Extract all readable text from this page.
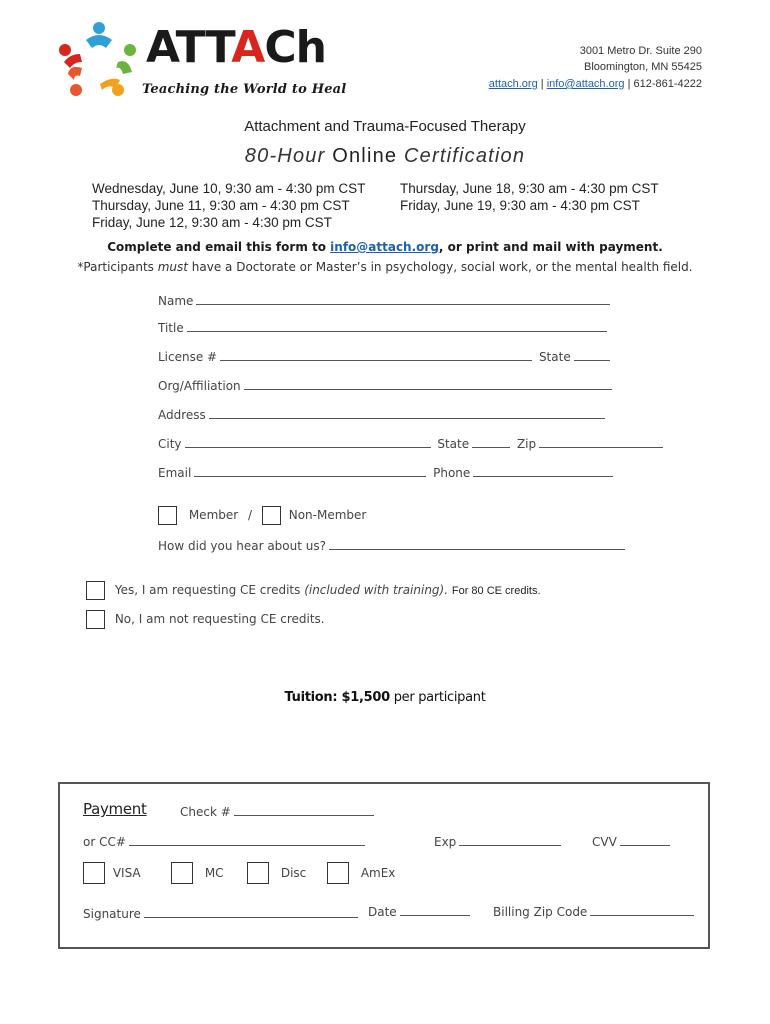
ATTACh
Teaching the World to Heal
3001 Metro Dr. Suite 290
Bloomington, MN 55425
attach.org | info@attach.org | 612-861-4222
Attachment and Trauma-Focused Therapy
80-Hour Online Certification
Wednesday, June 10, 9:30 am - 4:30 pm CST
Thursday, June 11, 9:30 am - 4:30 pm CST
Friday, June 12, 9:30 am - 4:30 pm CST
Thursday, June 18, 9:30 am - 4:30 pm CST
Friday, June 19, 9:30 am - 4:30 pm CST
Complete and email this form to info@attach.org, or print and mail with payment.
*Participants must have a Doctorate or Master’s in psychology, social work, or the mental health field.
Name
Title
License #	State
Org/Affiliation
Address
City	State	Zip
Email	Phone
Member /	Non-Member
How did you hear about us?
Yes, I am requesting CE credits (included with training). For 80 CE credits.
No, I am not requesting CE credits.
Tuition: $1,500 per participant
Payment	Check #
or CC#	Exp	CVV
VISA	MC	Disc	AmEx
Signature	Date	Billing Zip Code
